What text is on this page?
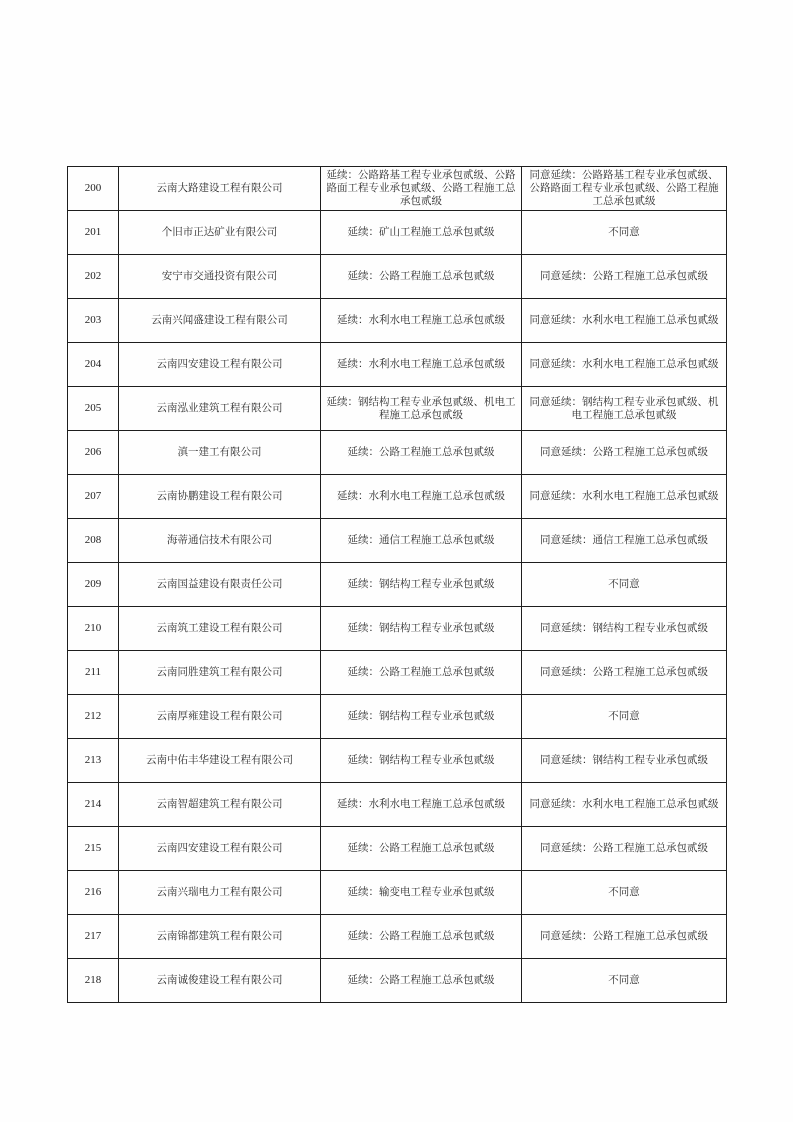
200	云南大路建设工程有限公司	延续：公路路基工程专业承包贰级、公路路面工程专业承包贰级、公路工程施工总承包贰级	同意延续：公路路基工程专业承包贰级、公路路面工程专业承包贰级、公路工程施工总承包贰级
201	个旧市正达矿业有限公司	延续：矿山工程施工总承包贰级	不同意
202	安宁市交通投资有限公司	延续：公路工程施工总承包贰级	同意延续：公路工程施工总承包贰级
203	云南兴闻盛建设工程有限公司	延续：水利水电工程施工总承包贰级	同意延续：水利水电工程施工总承包贰级
204	云南四安建设工程有限公司	延续：水利水电工程施工总承包贰级	同意延续：水利水电工程施工总承包贰级
205	云南泓业建筑工程有限公司	延续：钢结构工程专业承包贰级、机电工程施工总承包贰级	同意延续：钢结构工程专业承包贰级、机电工程施工总承包贰级
206	滇一建工有限公司	延续：公路工程施工总承包贰级	同意延续：公路工程施工总承包贰级
207	云南协鹏建设工程有限公司	延续：水利水电工程施工总承包贰级	同意延续：水利水电工程施工总承包贰级
208	海蒂通信技术有限公司	延续：通信工程施工总承包贰级	同意延续：通信工程施工总承包贰级
209	云南国益建设有限责任公司	延续：钢结构工程专业承包贰级	不同意
210	云南筑工建设工程有限公司	延续：钢结构工程专业承包贰级	同意延续：钢结构工程专业承包贰级
211	云南同胜建筑工程有限公司	延续：公路工程施工总承包贰级	同意延续：公路工程施工总承包贰级
212	云南厚雍建设工程有限公司	延续：钢结构工程专业承包贰级	不同意
213	云南中佑丰华建设工程有限公司	延续：钢结构工程专业承包贰级	同意延续：钢结构工程专业承包贰级
214	云南智超建筑工程有限公司	延续：水利水电工程施工总承包贰级	同意延续：水利水电工程施工总承包贰级
215	云南四安建设工程有限公司	延续：公路工程施工总承包贰级	同意延续：公路工程施工总承包贰级
216	云南兴瑞电力工程有限公司	延续：输变电工程专业承包贰级	不同意
217	云南锦都建筑工程有限公司	延续：公路工程施工总承包贰级	同意延续：公路工程施工总承包贰级
218	云南诚俊建设工程有限公司	延续：公路工程施工总承包贰级	不同意
